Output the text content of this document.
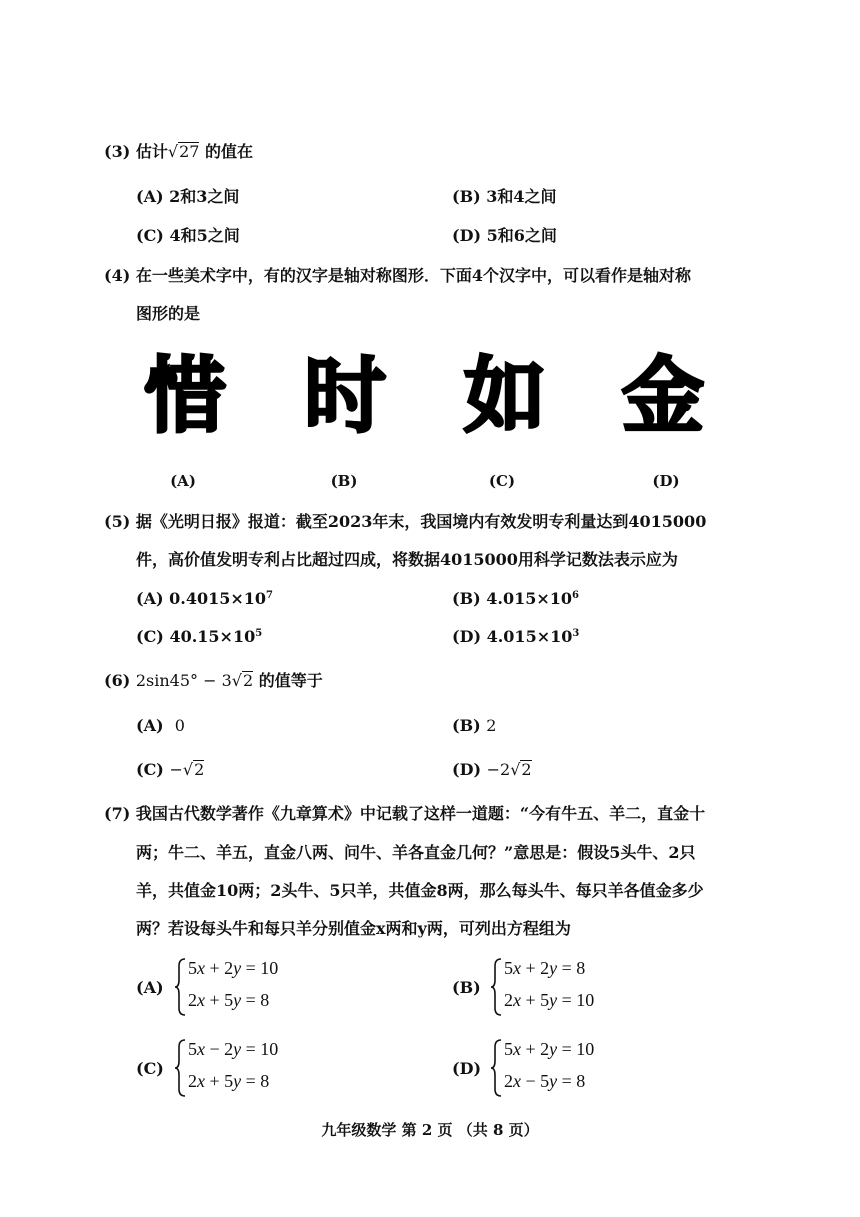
(3) 估计√27 的值在
(A) 2和3之间	(B) 3和4之间
(C) 4和5之间	(D) 5和6之间
(4) 在一些美术字中，有的汉字是轴对称图形．下面4个汉字中，可以看作是轴对称
图形的是
惜 时 如 金
(A)	(B)	(C)	(D)
(5) 据《光明日报》报道：截至2023年末，我国境内有效发明专利量达到4015000
件，高价值发明专利占比超过四成，将数据4015000用科学记数法表示应为
(A) $0.4015\times 10^7$	(B) $4.015\times 10^6$
(C) $40.15\times 10^5$	(D) $4.015\times 10^3$
(6) 2sin45° − 3√2 的值等于
(A) 0	(B) 2
(C) −√2	(D) −2√2
(7) 我国古代数学著作《九章算术》中记载了这样一道题：“今有牛五、羊二，直金十
两；牛二、羊五，直金八两、问牛、羊各直金几何？”意思是：假设5头牛、2只
羊，共值金10两；2头牛、5只羊，共值金8两，那么每头牛、每只羊各值金多少
两？若设每头牛和每只羊分别值金x两和y两，可列出方程组为
(A)
5x + 2y = 10
2x + 5y = 8
(B)
5x + 2y = 8
2x + 5y = 10
(C)
5x − 2y = 10
2x + 5y = 8
(D)
5x + 2y = 10
2x − 5y = 8
九年级数学 第 2 页 （共 8 页）
